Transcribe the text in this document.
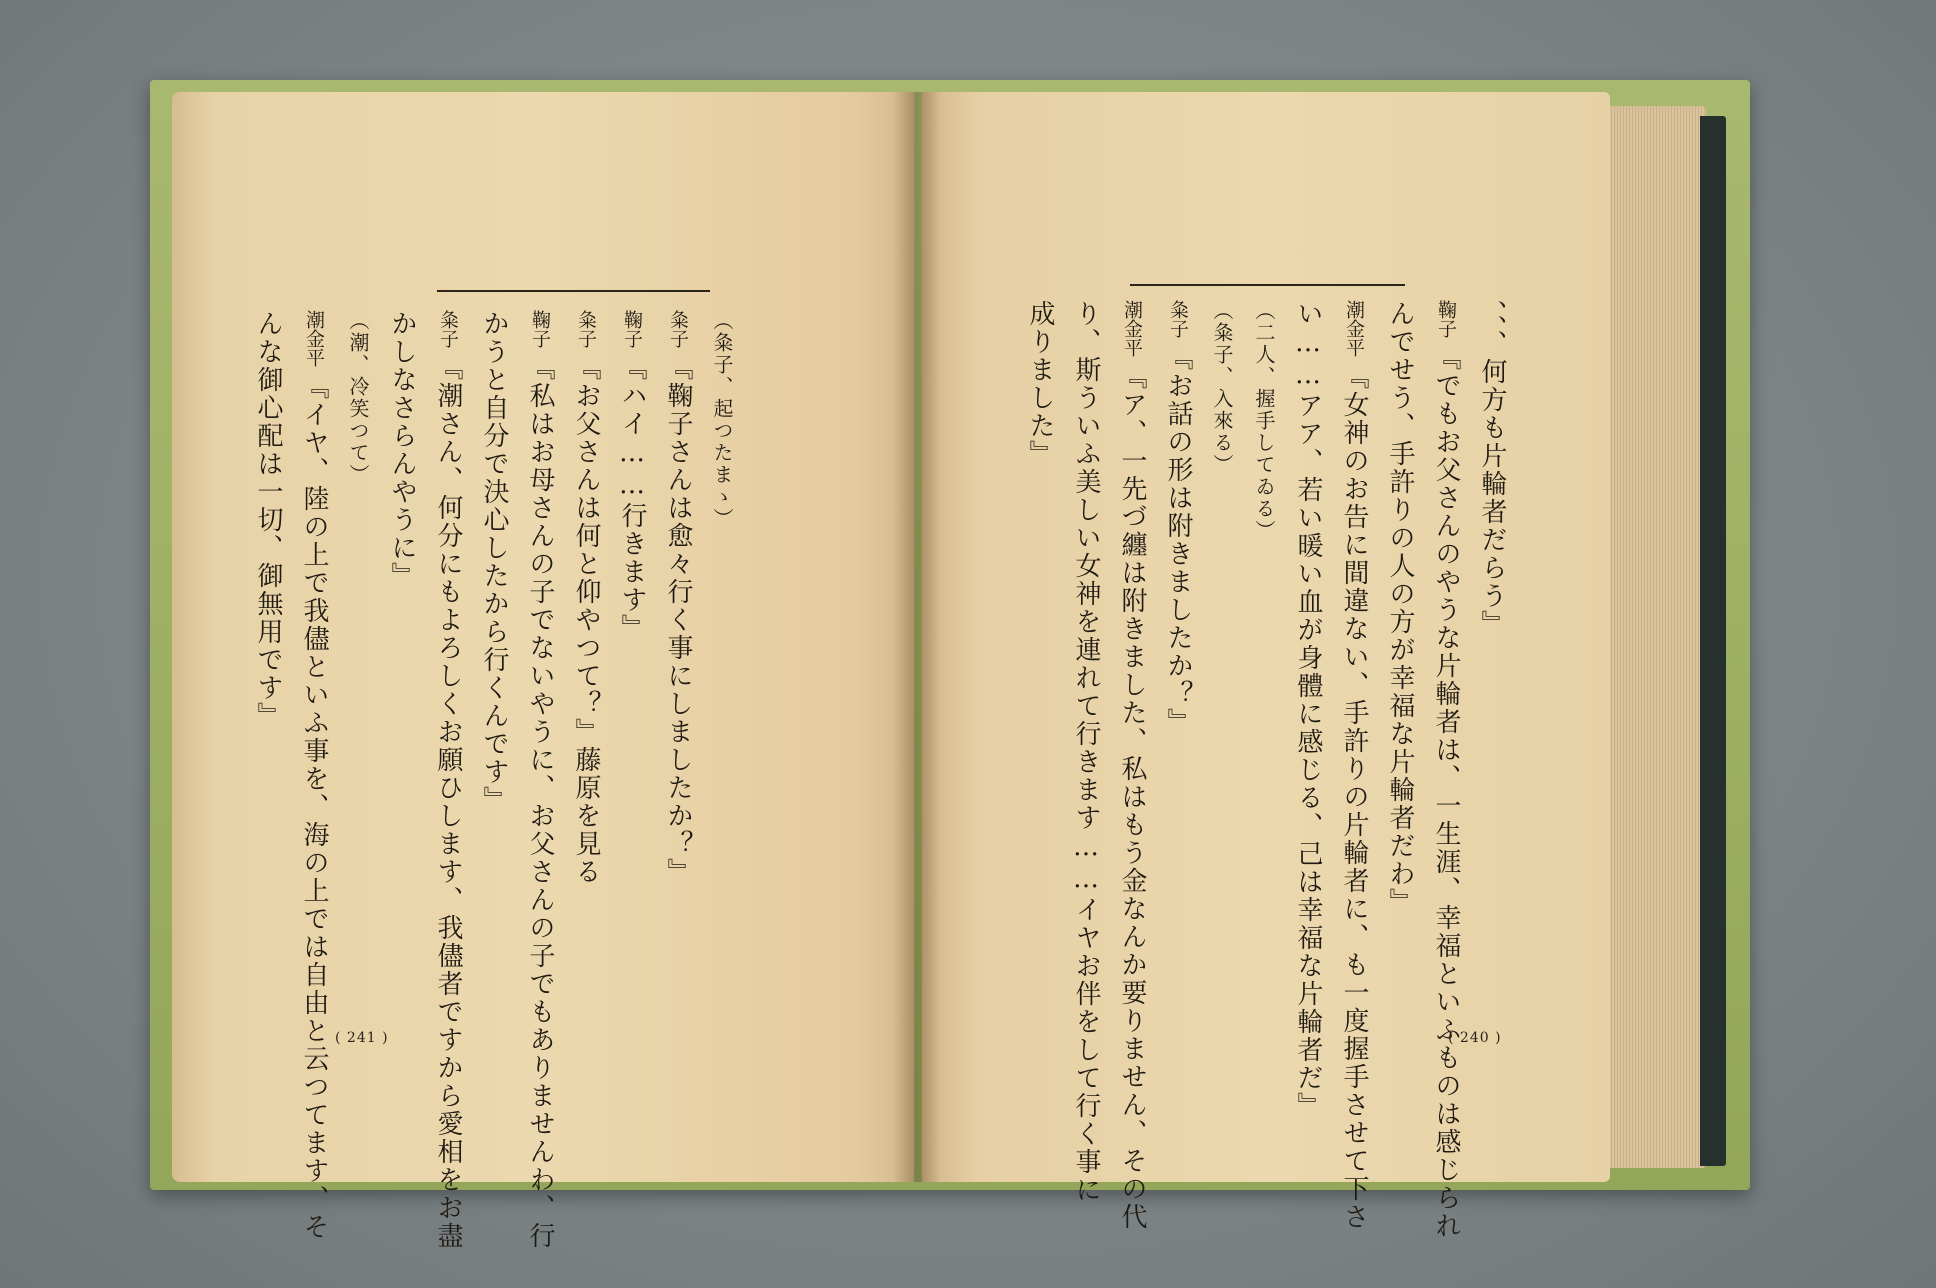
、、、何方も片輪者だらう』
鞠子『でもお父さんのやうな片輪者は、一生涯、幸福といふものは感じられ
んでせう、手許りの人の方が幸福な片輪者だわ』
潮金平『女神のお告に間違ない、手許りの片輪者に、も一度握手させて下さ
い……アア、若い暖い血が身體に感じる、己は幸福な片輪者だ』
（二人、握手してゐる）
（粂子、入來る）
粂子『お話の形は附きましたか？』
潮金平『ア、一先づ纏は附きました、私はもう金なんか要りません、その代
り、斯ういふ美しい女神を連れて行きます……イヤお伴をして行く事に
成りました』
（粂子、起つたまゝ）
粂子『鞠子さんは愈々行く事にしましたか？』
鞠子『ハイ……行きます』
粂子『お父さんは何と仰やつて？』藤原を見る
鞠子『私はお母さんの子でないやうに、お父さんの子でもありませんわ、行
かうと自分で決心したから行くんです』
粂子『潮さん、何分にもよろしくお願ひします、我儘者ですから愛相をお盡
かしなさらんやうに』
（潮、冷笑つて）
潮金平『イヤ、陸の上で我儘といふ事を、海の上では自由と云つてます、そ
んな御心配は一切、御無用です』
( 241 )	( 240 )
